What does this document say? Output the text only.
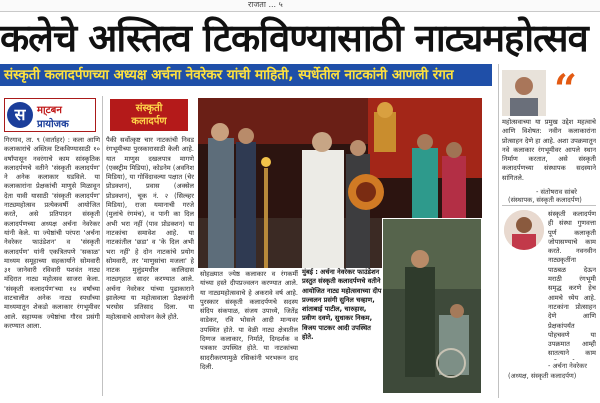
राजता ... ५
कलेचे अस्तित्व टिकविण्यासाठी नाट्यमहोत्सव
संस्कृती कलादर्पणच्या अध्यक्ष अर्चना नेवरेकर यांची माहिती, स्पर्धेतील नाटकांनी आणली रंगत
स	मा्टबन
प्रायोजक
गिरगाव, ता. ९ (वार्ताहर) : कला आणि कलाकारांचे अस्तित्व टिकविण्यासाठी १० वर्षांपासून नवरंगाचे काम सांस्कृतिक कलादर्पणचे वतीने 'संस्कृती कलादर्पण' ने अनेक कलाकार घडविले. या कलाकारांना प्रेक्षकांची माणुसे मिळावून देता यावी यासाठी 'संस्कृती कलादर्पण' नाट्यमहोत्सव प्रत्येकवर्षी आयोजित करते, असे प्रतिपादन संस्कृती कलादर्पणच्या अध्यक्ष अर्चना नेवरेकर यांनी केले. या ज्येष्ठांची परंपरा 'अर्चना नेवरेकर फाउंडेशन' व 'संस्कृती कलादर्पण' यांनी एकत्रितपणे 'सकाळ' माध्यम समूहाच्या सहकार्याने सोमवारी ३१ जानेवारी रविवारी यशवंत नाट्य मंदिरात नाट्य महोत्सव साजरा केला. 'संस्कृती कलादर्पण'च्या १४ वर्षांच्या वाटचालीत अनेक नाट्य स्पर्धांच्या माध्यमातून शेकडो कलाकार रंगभूमीवर आले. सहाय्यक ज्येष्ठांचा गौरव प्रसंगी करण्यात आला.
संस्कृती
कलादर्पण
पैकी सर्वोत्कृष्ट चार नाटकांची निवड रंगभूमीच्या पुरस्कारासाठी केली आहे. यात माणुस दखलपात्र मागणे (एक्स्ट्रीम मिडिया), कोडनेम (अवनिश मिडिया), या गोविंदावल्या पक्षात (चेर प्रोडक्शन), प्रवास (अक्सेल प्रोडक्शन), चूक नं. २ (सिल्व्हर मिडिया), राजा यमानाची गरजे (मुलांचे रंगमंच), व पानी का दिल अभी भरा नहीं (पाव प्रोडक्शन) या नाटकांचा समावेश आहे. या नाटकांतील 'छडा' व 'के दिल अभी भरा नहीं' हे दोन नाटकांचे प्रयोग सोमवारी, तर 'माणुसांचा मजला' हे नाटक मुलुंडमधील कालिदास नाट्यगृहात सादर करण्यात आले. अर्चना नेवरेकर यांच्या पुढाकाराने झालेल्या या महोत्सवाला प्रेक्षकांनी भरघोस प्रतिसाद दिला. या महोत्सवाचे आयोजन केले होते.

मुंबई : अर्चना नेवरेकर फाउंडेशन प्रस्तुत संस्कृती कलादर्पणचे वतीने आयोजित नाट्य महोत्सवाच्या दीप प्रज्वलन प्रसंगी सुनिल चव्हाण, शांताबाई पाटील, चारुहास, प्रवीण दवणे, सुधाकर निकम, विजय पाटकर आदी उपस्थित होते.

सोहळ्यात ज्येष्ठ कलाकार व रंगकर्मी यांच्या हस्ते दीपप्रज्वलन करण्यात आले. या नाट्यमहोत्सवाचे हे अकरावे वर्ष आहे. पुरस्कार संस्कृती कलादर्पणचे सदस्य संदिप संकपाळ, संजय उपाध्ये, जितेंद्र वाडेकर, रवि भोसले आदी मान्यवर उपस्थित होते. या वेळी नाट्य क्षेत्रातील दिग्गज कलाकार, निर्माते, दिग्दर्शक व पत्रकार उपस्थित होते. या नाटकांच्या सादरीकरणामुळे रसिकांनी भरभरून दाद दिली.
“
महोत्सवाच्या या प्रमुख उद्देश महत्वाचे आणि विशेषत: नवीन कलाकारांना प्रोत्साहन देणे हा आहे. अशा उपक्रमातून नवे कलाकार रंगभूमीवर आपले स्थान निर्माण करतात, असे संस्कृती कलादर्पणच्या संस्थापक सदस्याने सांगितले.
- संतोषराव सांबरे
(संस्थापक, संस्कृती कलादर्पण)
संस्कृती कलादर्पण ही संस्था गुणवत्ता पूर्ण कलाकृती जोपासण्याचे काम करते. नवनवीन नाट्यकृतींना पाठबळ देऊन मराठी रंगभूमी समृद्ध करणे हेच आमचे ध्येय आहे. नाटकांना प्रोत्साहन देणे आणि प्रेक्षकांपर्यंत पोहचवणे या उपक्रमात आम्ही सातत्याने काम
- अर्चना नेवरेकर
(अध्यक्ष, संस्कृती कलादर्पण)
